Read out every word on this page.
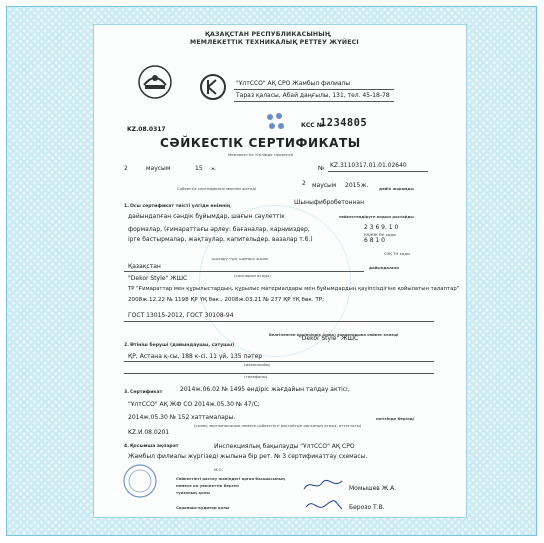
ҚАЗАҚСТАН РЕСПУБЛИКАСЫНЫҢ
МЕМЛЕКЕТТІК ТЕХНИКАЛЫҚ РЕТТЕУ ЖҮЙЕСІ
"ҰлтССО" АҚ СРО Жамбыл филиалы
Тараз қаласы, Абай даңғылы, 131, тел. 45-18-78
KZ.08.0317
КСС №
1234805
СӘЙКЕСТІК СЕРТИФИКАТЫ
Мемлекеттік тізілімде тіркелген
2	маусым	15 ж.	№ KZ.3110317.01.01.02640
Сәйкестік сертификаты мерзімі жетеді
2 маусым 2015 ж.	дейін жарамды
1. Осы сертификат тиісті үлгіде өнімнің
Шыныфибробетоннан
дайындалған сәндік бұйымдар, шағын сәулеттік	сәйкестендіруге кодын растайды
2 3 6 9. 1 0
формалар, (ғимараттағы әрлеу: бағаналар, карнииздер,
КҚЖЖ ӨК коды
ірге бастырмалар, жақтаулар, капительдер, вазалар т.б.)	6 8 1 0
СЭҚ ТН коды
шығару түрі, шығару жылы
Қазақстан	дайындалған
"Dekor Style" ЖШС	(кәсіпорын атауы)
ТР "Ғимараттар мен құрылыстардың, құрылыс материалдары мен бұйымдардың қауіпсіздігіне қойылатын талаптар"
2008ж.12.22 № 1198 ҚР ҮҚ бөк., 2008ж.03.21 № 277 ҚР ҮҚ бөк. ТР;
ГОСТ 13015-2012, ГОСТ 30108-94
белгіленген қауіпсіздік (сапа) талаптарына сәйкес келеді
"Dekor Style" ЖШС
2. Өтініш беруші (дайындаушы, сатушы)
ҚР, Астана қ-сы, 188 к-сі, 11 үй, 135 пәтер
(мекенжайы)
(телефоны)
3. Сертификат	2014ж.06.02 № 1495 өндіріс жағдайын талдау актісі,
"ҰлтССО" АҚ ЖФ СО 2014ж.05.30 № 47/С;
2014ж.05.30 № 152 хаттамалары.	негізінде берілді
(сынақ зертханасының немесе сәйкестікті растайтын органның атауы, аттестаты)
KZ.И.08.0201
4. Қосымша ақпарат	Инспекциялық бақылауды "ҰлтССО" АҚ СРО
Жамбыл филиалы жүргізеді жылына бір рет. № 3 сертификаттау схемасы.
М.О.
Сәйкестікті растау жөніндегі орган басшысының
немесе ол уәкілеттік берген
тұлғаның қолы
Момышев Ж.А.
Сарапшы-аудитор қолы	Берозо Т.В.
